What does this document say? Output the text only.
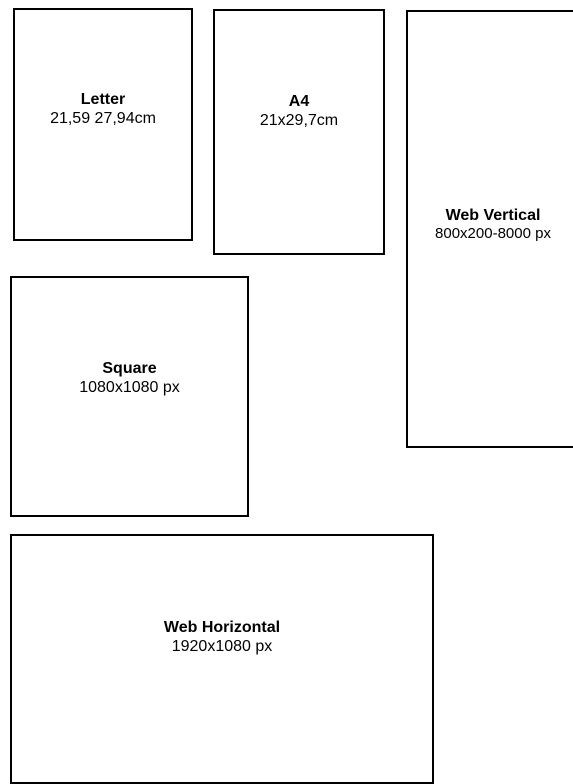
Letter
21,59 27,94cm
A4
21x29,7cm
Web Vertical
800x200-8000 px
Square
1080x1080 px
Web Horizontal
1920x1080 px
